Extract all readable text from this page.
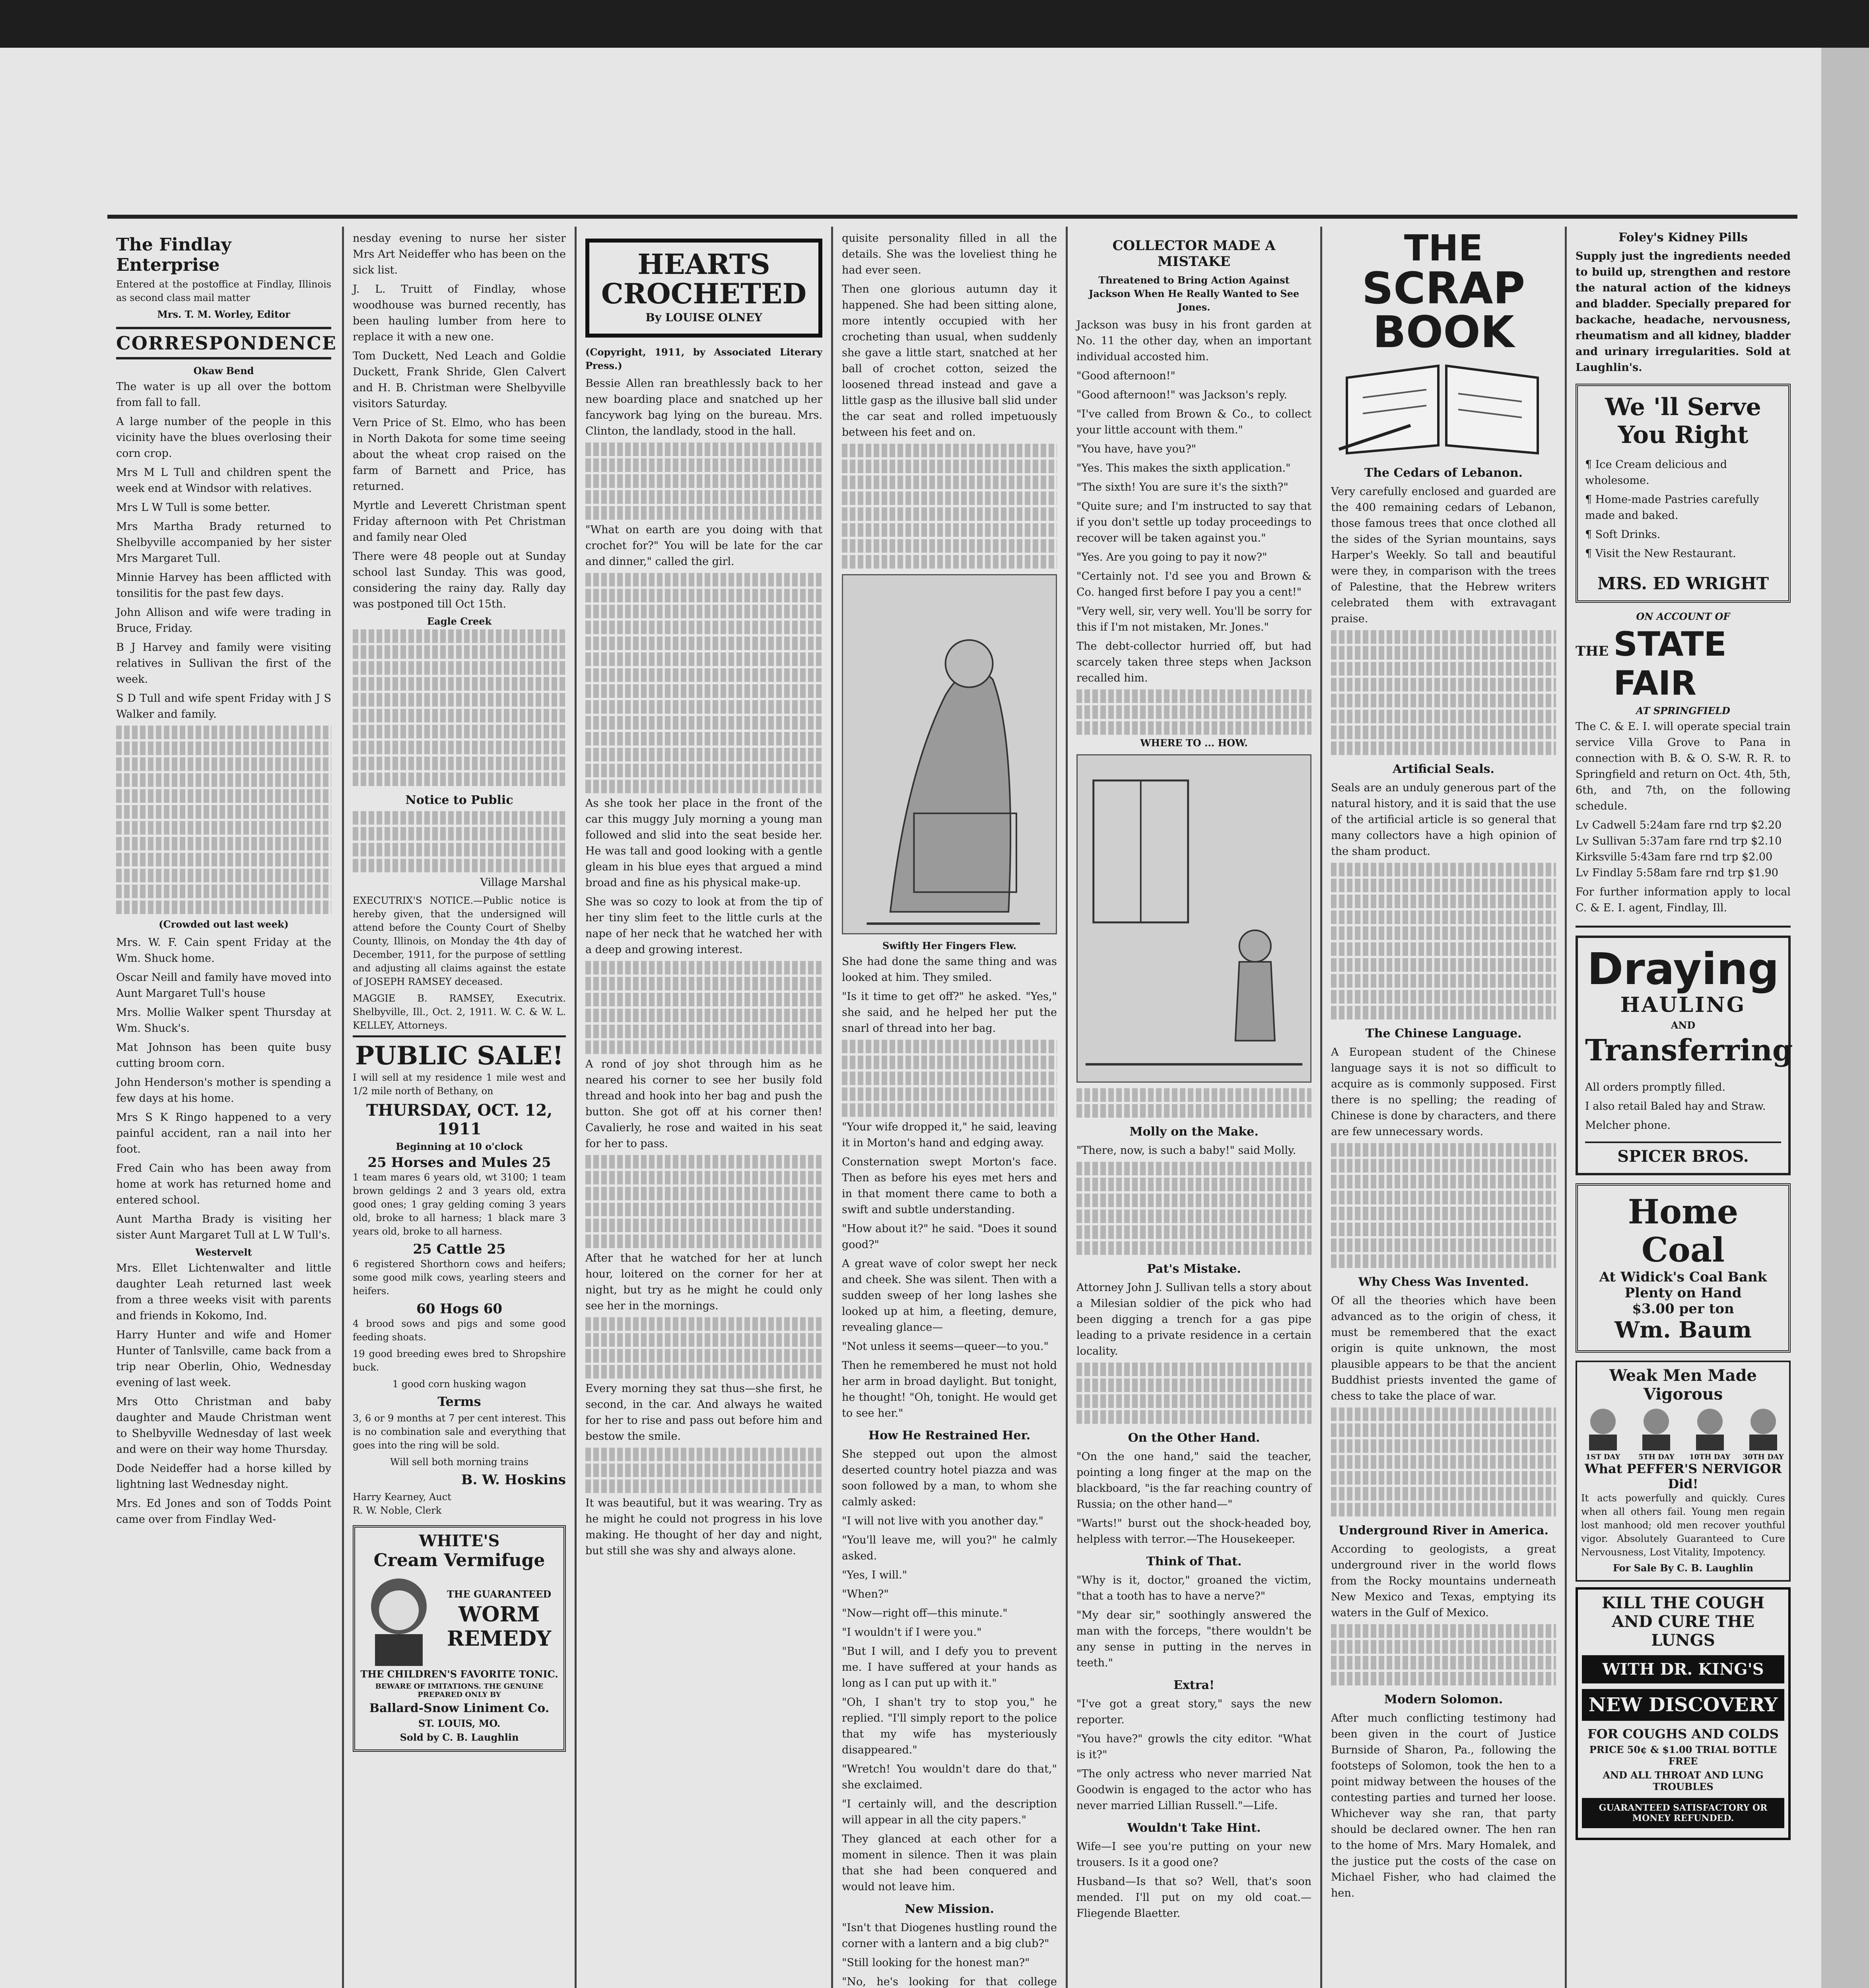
The Findlay Enterprise

Entered at the postoffice at Findlay, Illinois as second class mail matter

Mrs. T. M. Worley, Editor

CORRESPONDENCE
Okaw Bend

The water is up all over the bottom from fall to fall.

A large number of the people in this vicinity have the blues overlosing their corn crop.

Mrs M L Tull and children spent the week end at Windsor with relatives.

Mrs L W Tull is some better.

Mrs Martha Brady returned to Shelbyville accompanied by her sister Mrs Margaret Tull.

Minnie Harvey has been afflicted with tonsilitis for the past few days.

John Allison and wife were trading in Bruce, Friday.

B J Harvey and family were visiting relatives in Sullivan the first of the week.

S D Tull and wife spent Friday with J S Walker and family.

(Crowded out last week)

Mrs. W. F. Cain spent Friday at the Wm. Shuck home.

Oscar Neill and family have moved into Aunt Margaret Tull's house

Mrs. Mollie Walker spent Thursday at Wm. Shuck's.

Mat Johnson has been quite busy cutting broom corn.

John Henderson's mother is spending a few days at his home.

Mrs S K Ringo happened to a very painful accident, ran a nail into her foot.

Fred Cain who has been away from home at work has returned home and entered school.

Aunt Martha Brady is visiting her sister Aunt Margaret Tull at L W Tull's.

Westervelt

Mrs. Ellet Lichtenwalter and little daughter Leah returned last week from a three weeks visit with parents and friends in Kokomo, Ind.

Harry Hunter and wife and Homer Hunter of Tanlsville, came back from a trip near Oberlin, Ohio, Wednesday evening of last week.

Mrs Otto Christman and baby daughter and Maude Christman went to Shelbyville Wednesday of last week and were on their way home Thursday.

Dode Neideffer had a horse killed by lightning last Wednesday night.

Mrs. Ed Jones and son of Todds Point came over from Findlay Wed-

nesday evening to nurse her sister Mrs Art Neideffer who has been on the sick list.

J. L. Truitt of Findlay, whose woodhouse was burned recently, has been hauling lumber from here to replace it with a new one.

Tom Duckett, Ned Leach and Goldie Duckett, Frank Shride, Glen Calvert and H. B. Christman were Shelbyville visitors Saturday.

Vern Price of St. Elmo, who has been in North Dakota for some time seeing about the wheat crop raised on the farm of Barnett and Price, has returned.

Myrtle and Leverett Christman spent Friday afternoon with Pet Christman and family near Oled

There were 48 people out at Sunday school last Sunday. This was good, considering the rainy day. Rally day was postponed till Oct 15th.

Eagle Creek
Notice to Public

Village Marshal

EXECUTRIX'S NOTICE.—Public notice is hereby given, that the undersigned will attend before the County Court of Shelby County, Illinois, on Monday the 4th day of December, 1911, for the purpose of settling and adjusting all claims against the estate of JOSEPH RAMSEY deceased.

MAGGIE B. RAMSEY, Executrix. Shelbyville, Ill., Oct. 2, 1911. W. C. & W. L. KELLEY, Attorneys.

PUBLIC SALE!

I will sell at my residence 1 mile west and 1/2 mile north of Bethany, on

THURSDAY, OCT. 12, 1911
Beginning at 10 o'clock
25 Horses and Mules 25

1 team mares 6 years old, wt 3100; 1 team brown geldings 2 and 3 years old, extra good ones; 1 gray gelding coming 3 years old, broke to all harness; 1 black mare 3 years old, broke to all harness.

25 Cattle 25

6 registered Shorthorn cows and heifers; some good milk cows, yearling steers and heifers.

60 Hogs 60

4 brood sows and pigs and some good feeding shoats.

19 good breeding ewes bred to Shropshire buck.

1 good corn husking wagon

Terms

3, 6 or 9 months at 7 per cent interest. This is no combination sale and everything that goes into the ring will be sold.

Will sell both morning trains

B. W. Hoskins

Harry Kearney, Auct

R. W. Noble, Clerk

WHITE'S
Cream Vermifuge
THE GUARANTEED
WORM
REMEDY
THE CHILDREN'S FAVORITE TONIC.
BEWARE OF IMITATIONS. THE GENUINE PREPARED ONLY BY
Ballard-Snow Liniment Co.
ST. LOUIS, MO.
Sold by C. B. Laughlin
HEARTS
CROCHETED
By LOUISE OLNEY

(Copyright, 1911, by Associated Literary Press.)

Bessie Allen ran breathlessly back to her new boarding place and snatched up her fancywork bag lying on the bureau. Mrs. Clinton, the landlady, stood in the hall.

"What on earth are you doing with that crochet for?" You will be late for the car and dinner," called the girl.

As she took her place in the front of the car this muggy July morning a young man followed and slid into the seat beside her. He was tall and good looking with a gentle gleam in his blue eyes that argued a mind broad and fine as his physical make-up.

She was so cozy to look at from the tip of her tiny slim feet to the little curls at the nape of her neck that he watched her with a deep and growing interest.

A rond of joy shot through him as he neared his corner to see her busily fold thread and hook into her bag and push the button. She got off at his corner then! Cavalierly, he rose and waited in his seat for her to pass.

After that he watched for her at lunch hour, loitered on the corner for her at night, but try as he might he could only see her in the mornings.

Every morning they sat thus—she first, he second, in the car. And always he waited for her to rise and pass out before him and bestow the smile.

It was beautiful, but it was wearing. Try as he might he could not progress in his love making. He thought of her day and night, but still she was shy and always alone.

quisite personality filled in all the details. She was the loveliest thing he had ever seen.

Then one glorious autumn day it happened. She had been sitting alone, more intently occupied with her crocheting than usual, when suddenly she gave a little start, snatched at her ball of crochet cotton, seized the loosened thread instead and gave a little gasp as the illusive ball slid under the car seat and rolled impetuously between his feet and on.

Swiftly Her Fingers Flew.

She had done the same thing and was looked at him. They smiled.

"Is it time to get off?" he asked. "Yes," she said, and he helped her put the snarl of thread into her bag.

"Your wife dropped it," he said, leaving it in Morton's hand and edging away.

Consternation swept Morton's face. Then as before his eyes met hers and in that moment there came to both a swift and subtle understanding.

"How about it?" he said. "Does it sound good?"

A great wave of color swept her neck and cheek. She was silent. Then with a sudden sweep of her long lashes she looked up at him, a fleeting, demure, revealing glance—

"Not unless it seems—queer—to you."

Then he remembered he must not hold her arm in broad daylight. But tonight, he thought! "Oh, tonight. He would get to see her."

How He Restrained Her.

She stepped out upon the almost deserted country hotel piazza and was soon followed by a man, to whom she calmly asked:

"I will not live with you another day."

"You'll leave me, will you?" he calmly asked.

"Yes, I will."

"When?"

"Now—right off—this minute."

"I wouldn't if I were you."

"But I will, and I defy you to prevent me. I have suffered at your hands as long as I can put up with it."

"Oh, I shan't try to stop you," he replied. "I'll simply report to the police that my wife has mysteriously disappeared."

"Wretch! You wouldn't dare do that," she exclaimed.

"I certainly will, and the description will appear in all the city papers."

They glanced at each other for a moment in silence. Then it was plain that she had been conquered and would not leave him.

New Mission.

"Isn't that Diogenes hustling round the corner with a lantern and a big club?"

"Still looking for the honest man?"

"No, he's looking for that college

COLLECTOR MADE A MISTAKE

Threatened to Bring Action Against Jackson When He Really Wanted to See Jones.

Jackson was busy in his front garden at No. 11 the other day, when an important individual accosted him.

"Good afternoon!"

"Good afternoon!" was Jackson's reply.

"I've called from Brown & Co., to collect your little account with them."

"You have, have you?"

"Yes. This makes the sixth application."

"The sixth! You are sure it's the sixth?"

"Quite sure; and I'm instructed to say that if you don't settle up today proceedings to recover will be taken against you."

"Yes. Are you going to pay it now?"

"Certainly not. I'd see you and Brown & Co. hanged first before I pay you a cent!"

"Very well, sir, very well. You'll be sorry for this if I'm not mistaken, Mr. Jones."

The debt-collector hurried off, but had scarcely taken three steps when Jackson recalled him.

WHERE TO ... HOW.
Molly on the Make.

"There, now, is such a baby!" said Molly.

Pat's Mistake.

Attorney John J. Sullivan tells a story about a Milesian soldier of the pick who had been digging a trench for a gas pipe leading to a private residence in a certain locality.

On the Other Hand.

"On the one hand," said the teacher, pointing a long finger at the map on the blackboard, "is the far reaching country of Russia; on the other hand—"

"Warts!" burst out the shock-headed boy, helpless with terror.—The Housekeeper.

Think of That.

"Why is it, doctor," groaned the victim, "that a tooth has to have a nerve?"

"My dear sir," soothingly answered the man with the forceps, "there wouldn't be any sense in putting in the nerves in teeth."

Extra!

"I've got a great story," says the new reporter.

"You have?" growls the city editor. "What is it?"

"The only actress who never married Nat Goodwin is engaged to the actor who has never married Lillian Russell."—Life.

Wouldn't Take Hint.

Wife—I see you're putting on your new trousers. Is it a good one?

Husband—Is that so? Well, that's soon mended. I'll put on my old coat.—Fliegende Blaetter.

THE
SCRAP
BOOK
The Cedars of Lebanon.

Very carefully enclosed and guarded are the 400 remaining cedars of Lebanon, those famous trees that once clothed all the sides of the Syrian mountains, says Harper's Weekly. So tall and beautiful were they, in comparison with the trees of Palestine, that the Hebrew writers celebrated them with extravagant praise.

Artificial Seals.

Seals are an unduly generous part of the natural history, and it is said that the use of the artificial article is so general that many collectors have a high opinion of the sham product.

The Chinese Language.

A European student of the Chinese language says it is not so difficult to acquire as is commonly supposed. First there is no spelling; the reading of Chinese is done by characters, and there are few unnecessary words.

Why Chess Was Invented.

Of all the theories which have been advanced as to the origin of chess, it must be remembered that the exact origin is quite unknown, the most plausible appears to be that the ancient Buddhist priests invented the game of chess to take the place of war.

Underground River in America.

According to geologists, a great underground river in the world flows from the Rocky mountains underneath New Mexico and Texas, emptying its waters in the Gulf of Mexico.

Modern Solomon.

After much conflicting testimony had been given in the court of Justice Burnside of Sharon, Pa., following the footsteps of Solomon, took the hen to a point midway between the houses of the contesting parties and turned her loose. Whichever way she ran, that party should be declared owner. The hen ran to the home of Mrs. Mary Homalek, and the justice put the costs of the case on Michael Fisher, who had claimed the hen.

Foley's Kidney Pills

Supply just the ingredients needed to build up, strengthen and restore the natural action of the kidneys and bladder. Specially prepared for backache, headache, nervousness, rheumatism and all kidney, bladder and urinary irregularities. Sold at Laughlin's.

We 'll Serve You Right

¶ Ice Cream delicious and wholesome.

¶ Home-made Pastries carefully made and baked.

¶ Soft Drinks.

¶ Visit the New Restaurant.

MRS. ED WRIGHT
ON ACCOUNT OF
THE STATE FAIR
AT SPRINGFIELD

The C. & E. I. will operate special train service Villa Grove to Pana in connection with B. & O. S-W. R. R. to Springfield and return on Oct. 4th, 5th, 6th, and 7th, on the following schedule.

Lv Cadwell 5:24am fare rnd trp $2.20

Lv Sullivan 5:37am fare rnd trp $2.10

Kirksville 5:43am fare rnd trp $2.00

Lv Findlay 5:58am fare rnd trp $1.90

For further information apply to local C. & E. I. agent, Findlay, Ill.

Draying
HAULING
AND
Transferring

All orders promptly filled.

I also retail Baled hay and Straw.

Melcher phone.

SPICER BROS.
Home
Coal
At Widick's Coal Bank
Plenty on Hand
$3.00 per ton
Wm. Baum
Weak Men Made Vigorous
1ST DAY	5TH DAY	10TH DAY 30TH DAY
What PEFFER'S NERVIGOR Did!

It acts powerfully and quickly. Cures when all others fail. Young men regain lost manhood; old men recover youthful vigor. Absolutely Guaranteed to Cure Nervousness, Lost Vitality, Impotency.

For Sale By C. B. Laughlin
KILL THE COUGH
AND CURE THE LUNGS
WITH DR. KING'S
NEW DISCOVERY
FOR COUGHS AND COLDS
PRICE 50¢ & $1.00 TRIAL BOTTLE FREE
AND ALL THROAT AND LUNG TROUBLES
GUARANTEED SATISFACTORY OR MONEY REFUNDED.
